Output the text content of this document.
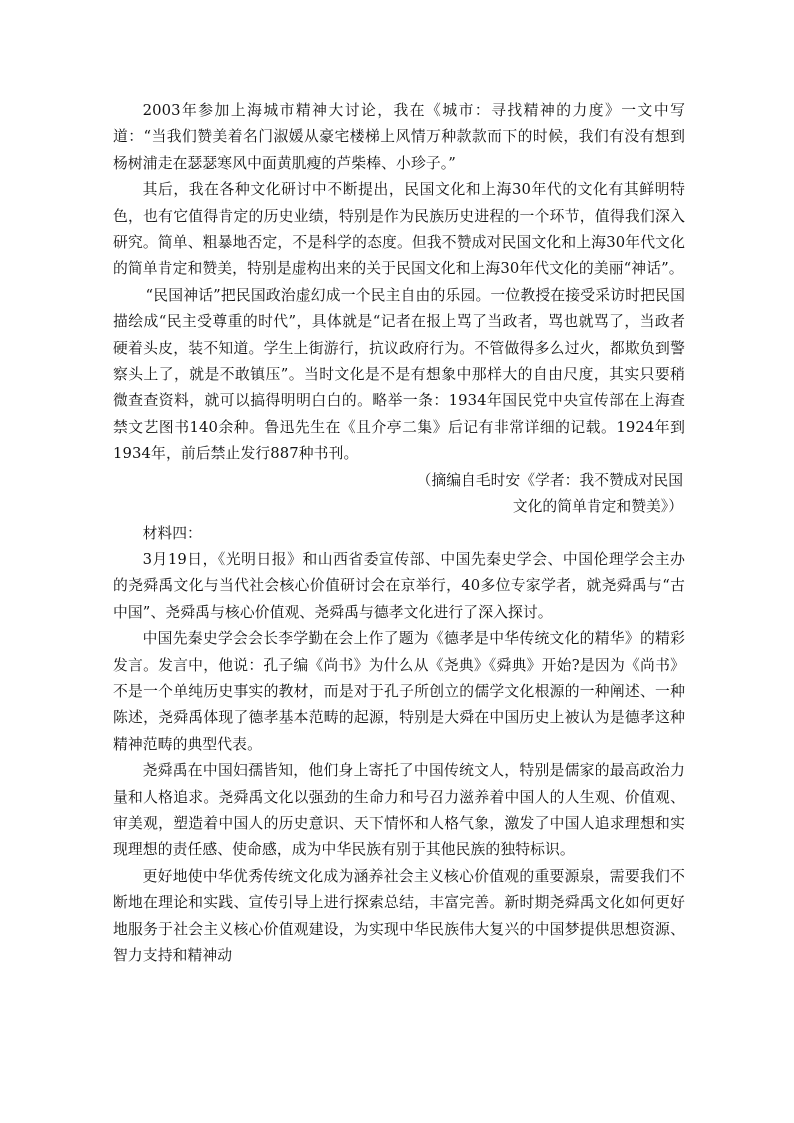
2003年参加上海城市精神大讨论，我在《城市：寻找精神的力度》一文中写道：“当我们赞美着名门淑媛从豪宅楼梯上风情万种款款而下的时候，我们有没有想到杨树浦走在瑟瑟寒风中面黄肌瘦的芦柴棒、小珍子。”

其后，我在各种文化研讨中不断提出，民国文化和上海30年代的文化有其鲜明特色，也有它值得肯定的历史业绩，特别是作为民族历史进程的一个环节，值得我们深入研究。简单、粗暴地否定，不是科学的态度。但我不赞成对民国文化和上海30年代文化的简单肯定和赞美，特别是虚构出来的关于民国文化和上海30年代文化的美丽“神话”。

“民国神话”把民国政治虚幻成一个民主自由的乐园。一位教授在接受采访时把民国描绘成“民主受尊重的时代”，具体就是“记者在报上骂了当政者，骂也就骂了，当政者硬着头皮，装不知道。学生上街游行，抗议政府行为。不管做得多么过火，都欺负到警察头上了，就是不敢镇压”。当时文化是不是有想象中那样大的自由尺度，其实只要稍微查查资料，就可以搞得明明白白的。略举一条：1934年国民党中央宣传部在上海查禁文艺图书140余种。鲁迅先生在《且介亭二集》后记有非常详细的记载。1924年到1934年，前后禁止发行887种书刊。

（摘编自毛时安《学者：我不赞成对民国

文化的简单肯定和赞美》）

材料四：

3月19日，《光明日报》和山西省委宣传部、中国先秦史学会、中国伦理学会主办的尧舜禹文化与当代社会核心价值研讨会在京举行，40多位专家学者，就尧舜禹与“古中国”、尧舜禹与核心价值观、尧舜禹与德孝文化进行了深入探讨。

中国先秦史学会会长李学勤在会上作了题为《德孝是中华传统文化的精华》的精彩发言。发言中，他说：孔子编《尚书》为什么从《尧典》《舜典》开始?是因为《尚书》不是一个单纯历史事实的教材，而是对于孔子所创立的儒学文化根源的一种阐述、一种陈述，尧舜禹体现了德孝基本范畴的起源，特别是大舜在中国历史上被认为是德孝这种精神范畴的典型代表。

尧舜禹在中国妇孺皆知，他们身上寄托了中国传统文人，特别是儒家的最高政治力量和人格追求。尧舜禹文化以强劲的生命力和号召力滋养着中国人的人生观、价值观、审美观，塑造着中国人的历史意识、天下情怀和人格气象，激发了中国人追求理想和实现理想的责任感、使命感，成为中华民族有别于其他民族的独特标识。

更好地使中华优秀传统文化成为涵养社会主义核心价值观的重要源泉，需要我们不断地在理论和实践、宣传引导上进行探索总结，丰富完善。新时期尧舜禹文化如何更好地服务于社会主义核心价值观建设，为实现中华民族伟大复兴的中国梦提供思想资源、智力支持和精神动
